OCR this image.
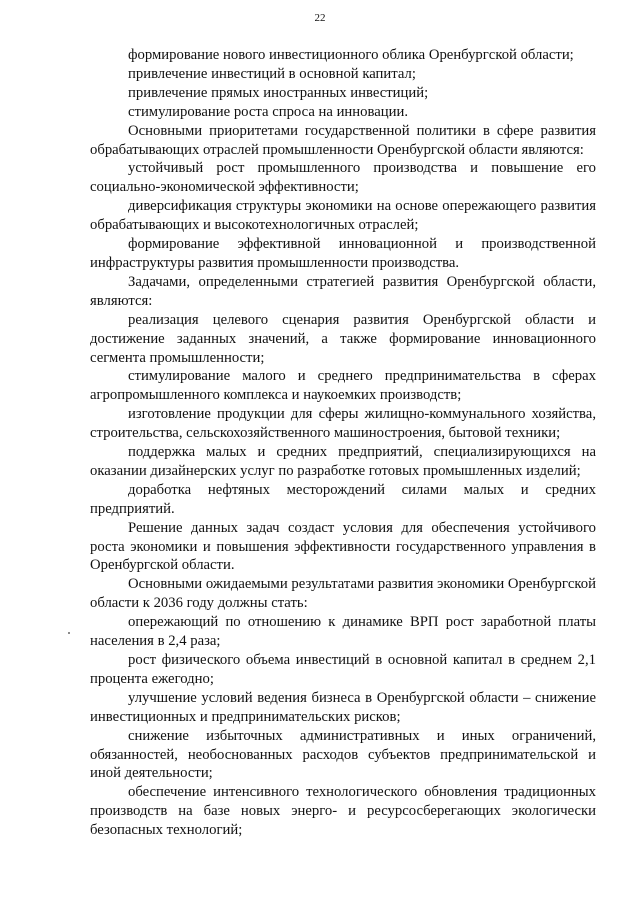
22

формирование нового инвестиционного облика Оренбургской области;

привлечение инвестиций в основной капитал;

привлечение прямых иностранных инвестиций;

стимулирование роста спроса на инновации.

Основными приоритетами государственной политики в сфере развития обрабатывающих отраслей промышленности Оренбургской области являются:

устойчивый рост промышленного производства и повышение его социально-экономической эффективности;

диверсификация структуры экономики на основе опережающего развития обрабатывающих и высокотехнологичных отраслей;

формирование эффективной инновационной и производственной инфраструктуры развития промышленности производства.

Задачами, определенными стратегией развития Оренбургской области, являются:

реализация целевого сценария развития Оренбургской области и достижение заданных значений, а также формирование инновационного сегмента промышленности;

стимулирование малого и среднего предпринимательства в сферах агропромышленного комплекса и наукоемких производств;

изготовление продукции для сферы жилищно-коммунального хозяйства, строительства, сельскохозяйственного машиностроения, бытовой техники;

поддержка малых и средних предприятий, специализирующихся на оказании дизайнерских услуг по разработке готовых промышленных изделий;

доработка нефтяных месторождений силами малых и средних предприятий.

Решение данных задач создаст условия для обеспечения устойчивого роста экономики и повышения эффективности государственного управления в Оренбургской области.

Основными ожидаемыми результатами развития экономики Оренбургской области к 2036 году должны стать:

опережающий по отношению к динамике ВРП рост заработной платы населения в 2,4 раза;

рост физического объема инвестиций в основной капитал в среднем 2,1 процента ежегодно;

улучшение условий ведения бизнеса в Оренбургской области – снижение инвестиционных и предпринимательских рисков;

снижение избыточных административных и иных ограничений, обязанностей, необоснованных расходов субъектов предпринимательской и иной деятельности;

обеспечение интенсивного технологического обновления традиционных производств на базе новых энерго- и ресурсосберегающих экологически безопасных технологий;
